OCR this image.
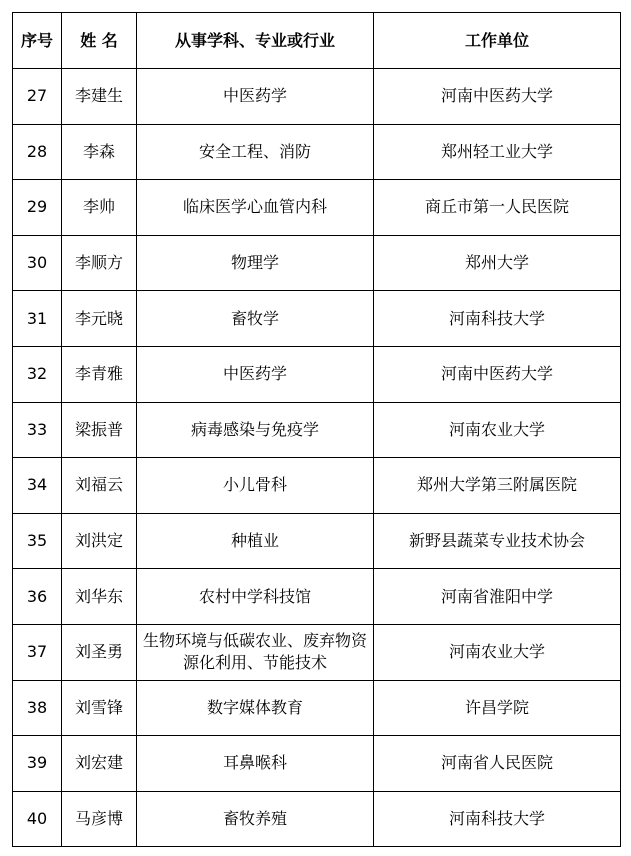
序号	姓 名	从事学科、专业或行业	工作单位
27	李建生	中医药学	河南中医药大学
28	李森	安全工程、消防	郑州轻工业大学
29	李帅	临床医学心血管内科	商丘市第一人民医院
30	李顺方	物理学	郑州大学
31	李元晓	畜牧学	河南科技大学
32	李青雅	中医药学	河南中医药大学
33	梁振普	病毒感染与免疫学	河南农业大学
34	刘福云	小儿骨科	郑州大学第三附属医院
35	刘洪定	种植业	新野县蔬菜专业技术协会
36	刘华东	农村中学科技馆	河南省淮阳中学
37	刘圣勇	生物环境与低碳农业、废弃物资源化利用、节能技术	河南农业大学
38	刘雪锋	数字媒体教育	许昌学院
39	刘宏建	耳鼻喉科	河南省人民医院
40	马彦博	畜牧养殖	河南科技大学
